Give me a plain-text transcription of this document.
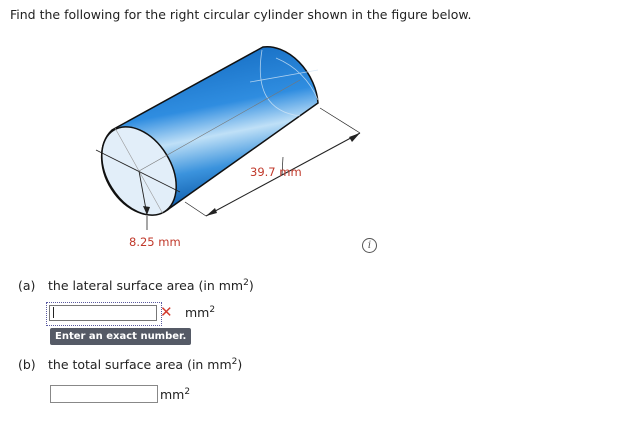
Find the following for the right circular cylinder shown in the figure below.
39.7 mm
8.25 mm	i
(a) the lateral surface area (in $mm^2$)
✕ $mm^2$
Enter an exact number.
(b) the total surface area (in $mm^2$)
$mm^2$
